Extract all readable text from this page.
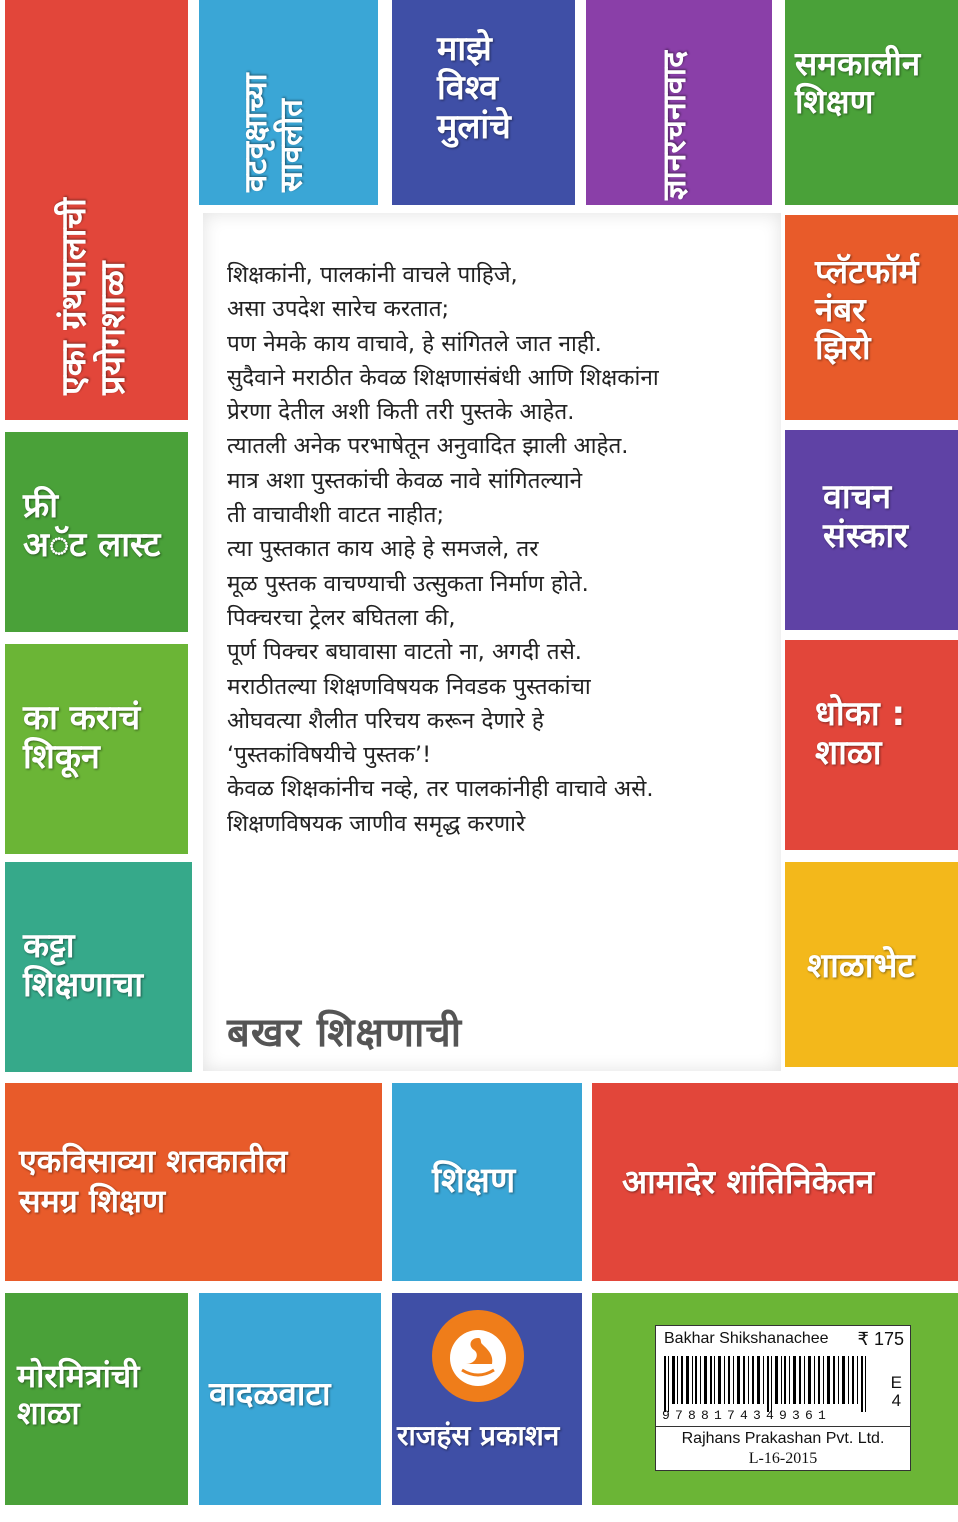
एका ग्रंथपालाची
प्रयोगशाळा
वटवृक्षाच्या
सावलीत
माझे
विश्व
मुलांचे	ज्ञानरचनावाद	समकालीन
शिक्षण
प्लॅटफॉर्म
नंबर
झिरो
वाचन
संस्कार
धोका :
शाळा
शाळाभेट
फ्री
अॅट लास्ट
का कराचं
शिकून
कट्टा
शिक्षणाचा
शिक्षकांनी, पालकांनी वाचले पाहिजे,
असा उपदेश सारेच करतात;
पण नेमके काय वाचावे, हे सांगितले जात नाही.
सुदैवाने मराठीत केवळ शिक्षणासंबंधी आणि शिक्षकांना
प्रेरणा देतील अशी किती तरी पुस्तके आहेत.
त्यातली अनेक परभाषेतून अनुवादित झाली आहेत.
मात्र अशा पुस्तकांची केवळ नावे सांगितल्याने
ती वाचावीशी वाटत नाहीत;
त्या पुस्तकात काय आहे हे समजले, तर
मूळ पुस्तक वाचण्याची उत्सुकता निर्माण होते.
पिक्चरचा ट्रेलर बघितला की,
पूर्ण पिक्चर बघावासा वाटतो ना, अगदी तसे.
मराठीतल्या शिक्षणविषयक निवडक पुस्तकांचा
ओघवत्या शैलीत परिचय करून देणारे हे
‘पुस्तकांविषयीचे पुस्तक’!
केवळ शिक्षकांनीच नव्हे, तर पालकांनीही वाचावे असे.
शिक्षणविषयक जाणीव समृद्ध करणारे
बखर शिक्षणाची
एकविसाव्या शतकातील
समग्र शिक्षण	शिक्षण	आमादेर शांतिनिकेतन
मोरमित्रांची
शाळा	वादळवाटा
राजहंस प्रकाशन
Bakhar Shikshanachee ₹ 175
9788174349361
E
4
Rajhans Prakashan Pvt. Ltd.
L-16-2015
